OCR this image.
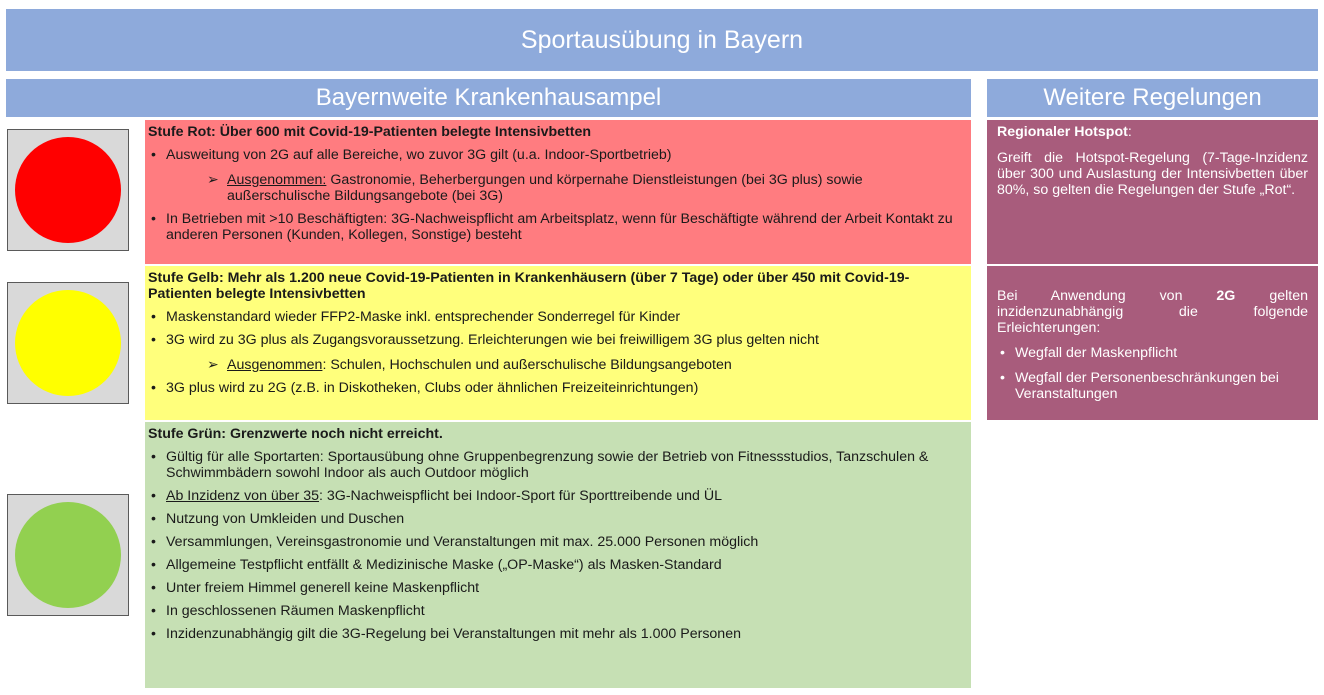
Sportausübung in Bayern
Bayernweite Krankenhausampel	Weitere Regelungen
Stufe Rot: Über 600 mit Covid-19-Patienten belegte Intensivbetten
• Ausweitung von 2G auf alle Bereiche, wo zuvor 3G gilt (u.a. Indoor-Sportbetrieb)
➢ Ausgenommen: Gastronomie, Beherbergungen und körpernahe Dienstleistungen (bei 3G plus) sowie außerschulische Bildungsangebote (bei 3G)
• In Betrieben mit >10 Beschäftigten: 3G-Nachweispflicht am Arbeitsplatz, wenn für Beschäftigte während der Arbeit Kontakt zu anderen Personen (Kunden, Kollegen, Sonstige) besteht
Stufe Gelb: Mehr als 1.200 neue Covid-19-Patienten in Krankenhäusern (über 7 Tage) oder über 450 mit Covid-19-Patienten belegte Intensivbetten
• Maskenstandard wieder FFP2-Maske inkl. entsprechender Sonderregel für Kinder
• 3G wird zu 3G plus als Zugangsvoraussetzung. Erleichterungen wie bei freiwilligem 3G plus gelten nicht
➢ Ausgenommen: Schulen, Hochschulen und außerschulische Bildungsangeboten
• 3G plus wird zu 2G (z.B. in Diskotheken, Clubs oder ähnlichen Freizeiteinrichtungen)
Stufe Grün: Grenzwerte noch nicht erreicht.
• Gültig für alle Sportarten: Sportausübung ohne Gruppenbegrenzung sowie der Betrieb von Fitnessstudios, Tanzschulen & Schwimmbädern sowohl Indoor als auch Outdoor möglich
• Ab Inzidenz von über 35: 3G-Nachweispflicht bei Indoor-Sport für Sporttreibende und ÜL
• Nutzung von Umkleiden und Duschen
• Versammlungen, Vereinsgastronomie und Veranstaltungen mit max. 25.000 Personen möglich
• Allgemeine Testpflicht entfällt & Medizinische Maske („OP-Maske“) als Masken-Standard
• Unter freiem Himmel generell keine Maskenpflicht
• In geschlossenen Räumen Maskenpflicht
• Inzidenzunabhängig gilt die 3G-Regelung bei Veranstaltungen mit mehr als 1.000 Personen
Regionaler Hotspot:

Greift die Hotspot-Regelung (7-Tage-Inzidenz über 300 und Auslastung der Intensivbetten über 80%, so gelten die Regelungen der Stufe „Rot“.

Bei Anwendung von 2G gelten inzidenzunabhängig die folgende Erleichterungen:

• Wegfall der Maskenpflicht
• Wegfall der Personenbeschränkungen bei Veranstaltungen
